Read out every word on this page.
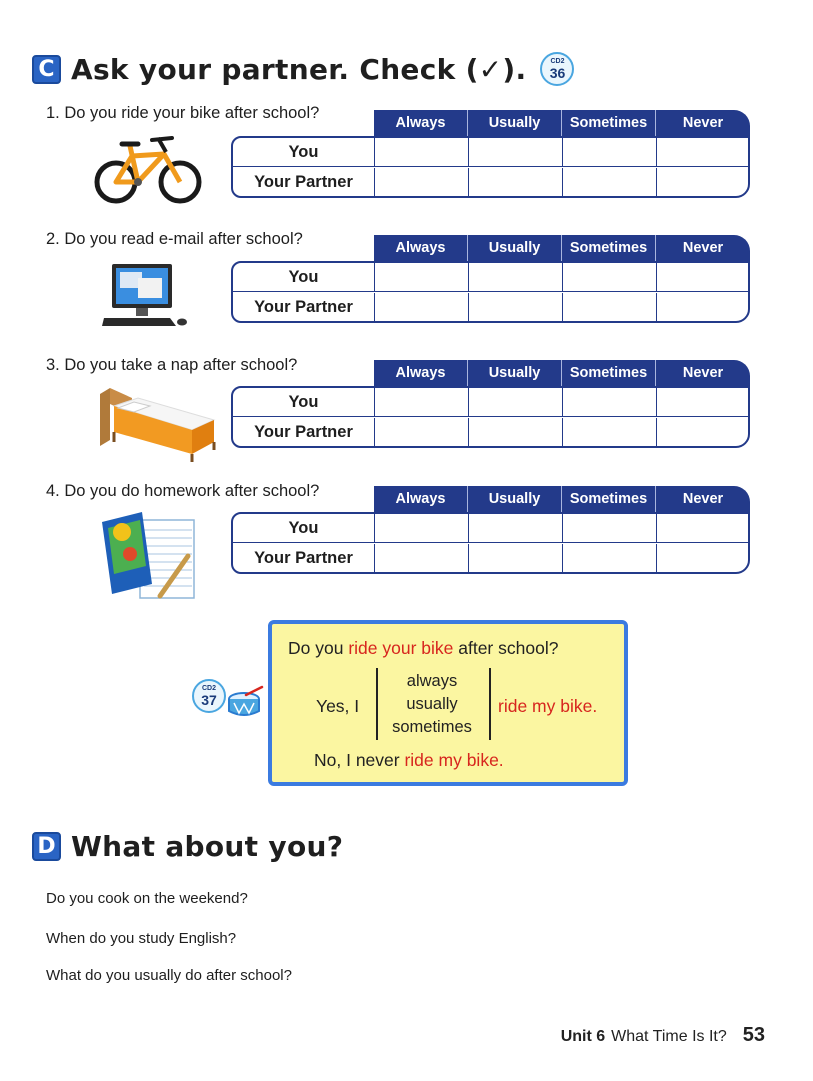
C Ask your partner. Check (✓).	CD2
36
1. Do you ride your bike after school?
Always	Usually	Sometimes	Never
You
Your Partner
2. Do you read e-mail after school?	Always	Usually	Sometimes	Never
You
Your Partner
3. Do you take a nap after school?	Always	Usually	Sometimes	Never
You
Your Partner
4. Do you do homework after school?	Always	Usually	Sometimes	Never
You
Your Partner
CD2
37
Do you ride your bike after school?
Yes, I
always
usually
sometimes
ride my bike.
No, I never ride my bike.
D What about you?
Do you cook on the weekend?
When do you study English?
What do you usually do after school?
Unit 6 What Time Is It? 53
